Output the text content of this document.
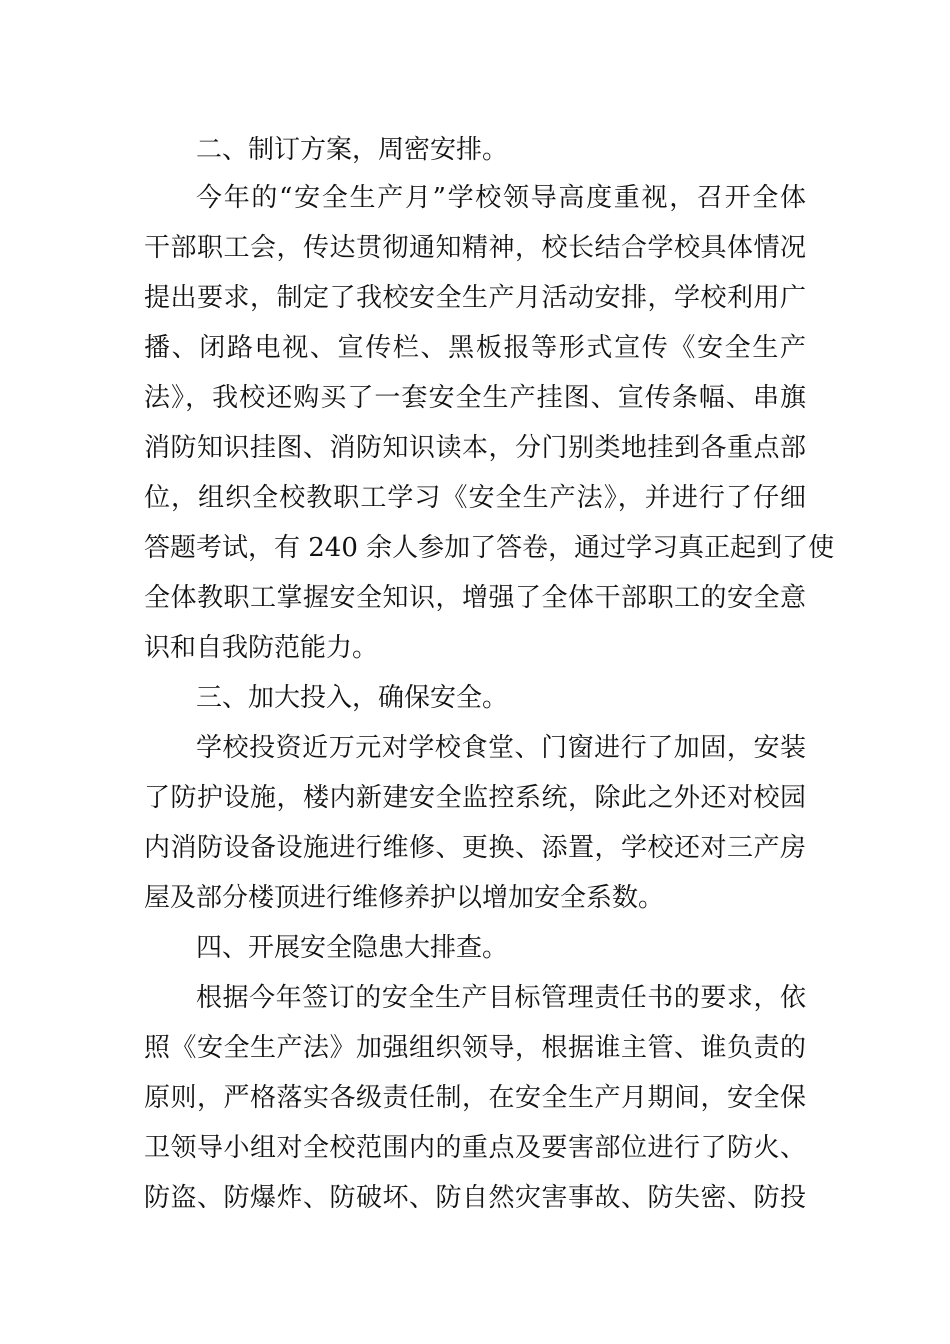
二、制订方案，周密安排。
今年的“安全生产月”学校领导高度重视，召开全体
干部职工会，传达贯彻通知精神，校长结合学校具体情况
提出要求，制定了我校安全生产月活动安排，学校利用广
播、闭路电视、宣传栏、黑板报等形式宣传《安全生产
法》，我校还购买了一套安全生产挂图、宣传条幅、串旗
消防知识挂图、消防知识读本，分门别类地挂到各重点部
位，组织全校教职工学习《安全生产法》，并进行了仔细
答题考试，有 240 余人参加了答卷，通过学习真正起到了使
全体教职工掌握安全知识，增强了全体干部职工的安全意
识和自我防范能力。
三、加大投入，确保安全。
学校投资近万元对学校食堂、门窗进行了加固，安装
了防护设施，楼内新建安全监控系统，除此之外还对校园
内消防设备设施进行维修、更换、添置，学校还对三产房
屋及部分楼顶进行维修养护以增加安全系数。
四、开展安全隐患大排查。
根据今年签订的安全生产目标管理责任书的要求，依
照《安全生产法》加强组织领导，根据谁主管、谁负责的
原则，严格落实各级责任制，在安全生产月期间，安全保
卫领导小组对全校范围内的重点及要害部位进行了防火、
防盗、防爆炸、防破坏、防自然灾害事故、防失密、防投
